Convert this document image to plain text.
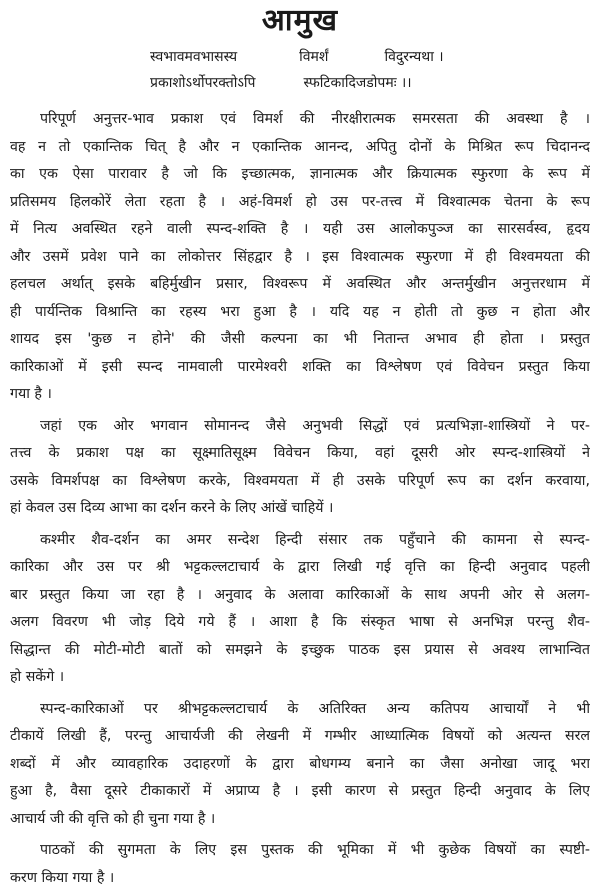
आमुख
स्वभावमवभासस्य	विमर्शं	विदुरन्यथा ।
प्रकाशोऽर्थोपरक्तोऽपि	स्फटिकादिजडोपमः ।।
परिपूर्ण अनुत्तर-भाव प्रकाश एवं विमर्श की नीरक्षीरात्मक समरसता की अवस्था है ।
वह न तो एकान्तिक चित् है और न एकान्तिक आनन्द, अपितु दोनों के मिश्रित रूप चिदानन्द
का एक ऐसा पारावार है जो कि इच्छात्मक, ज्ञानात्मक और क्रियात्मक स्फुरणा के रूप में
प्रतिसमय हिलकोरें लेता रहता है । अहं-विमर्श हो उस पर-तत्त्व में विश्वात्मक चेतना के रूप
में नित्य अवस्थित रहने वाली स्पन्द-शक्ति है । यही उस आलोकपुञ्ज का सारसर्वस्व, हृदय
और उसमें प्रवेश पाने का लोकोत्तर सिंहद्वार है । इस विश्वात्मक स्फुरणा में ही विश्वमयता की
हलचल अर्थात् इसके बहिर्मुखीन प्रसार, विश्वरूप में अवस्थित और अन्तर्मुखीन अनुत्तरधाम में
ही पार्यन्तिक विश्रान्ति का रहस्य भरा हुआ है । यदि यह न होती तो कुछ न होता और
शायद इस 'कुछ न होने' की जैसी कल्पना का भी नितान्त अभाव ही होता । प्रस्तुत
कारिकाओं में इसी स्पन्द नामवाली पारमेश्वरी शक्ति का विश्लेषण एवं विवेचन प्रस्तुत किया
गया है ।
जहां एक ओर भगवान सोमानन्द जैसे अनुभवी सिद्धों एवं प्रत्यभिज्ञा-शास्त्रियों ने पर-
तत्त्व के प्रकाश पक्ष का सूक्ष्मातिसूक्ष्म विवेचन किया, वहां दूसरी ओर स्पन्द-शास्त्रियों ने
उसके विमर्शपक्ष का विश्लेषण करके, विश्वमयता में ही उसके परिपूर्ण रूप का दर्शन करवाया,
हां केवल उस दिव्य आभा का दर्शन करने के लिए आंखें चाहियें ।
कश्मीर शैव-दर्शन का अमर सन्देश हिन्दी संसार तक पहुँचाने की कामना से स्पन्द-
कारिका और उस पर श्री भट्टकल्लटाचार्य के द्वारा लिखी गई वृत्ति का हिन्दी अनुवाद पहली
बार प्रस्तुत किया जा रहा है । अनुवाद के अलावा कारिकाओं के साथ अपनी ओर से अलग-
अलग विवरण भी जोड़ दिये गये हैं । आशा है कि संस्कृत भाषा से अनभिज्ञ परन्तु शैव-
सिद्धान्त की मोटी-मोटी बातों को समझने के इच्छुक पाठक इस प्रयास से अवश्य लाभान्वित
हो सकेंगे ।
स्पन्द-कारिकाओं पर श्रीभट्टकल्लटाचार्य के अतिरिक्त अन्य कतिपय आचार्यों ने भी
टीकायें लिखी हैं, परन्तु आचार्यजी की लेखनी में गम्भीर आध्यात्मिक विषयों को अत्यन्त सरल
शब्दों में और व्यावहारिक उदाहरणों के द्वारा बोधगम्य बनाने का जैसा अनोखा जादू भरा
हुआ है, वैसा दूसरे टीकाकारों में अप्राप्य है । इसी कारण से प्रस्तुत हिन्दी अनुवाद के लिए
आचार्य जी की वृत्ति को ही चुना गया है ।
पाठकों की सुगमता के लिए इस पुस्तक की भूमिका में भी कुछेक विषयों का स्पष्टी-
करण किया गया है ।
